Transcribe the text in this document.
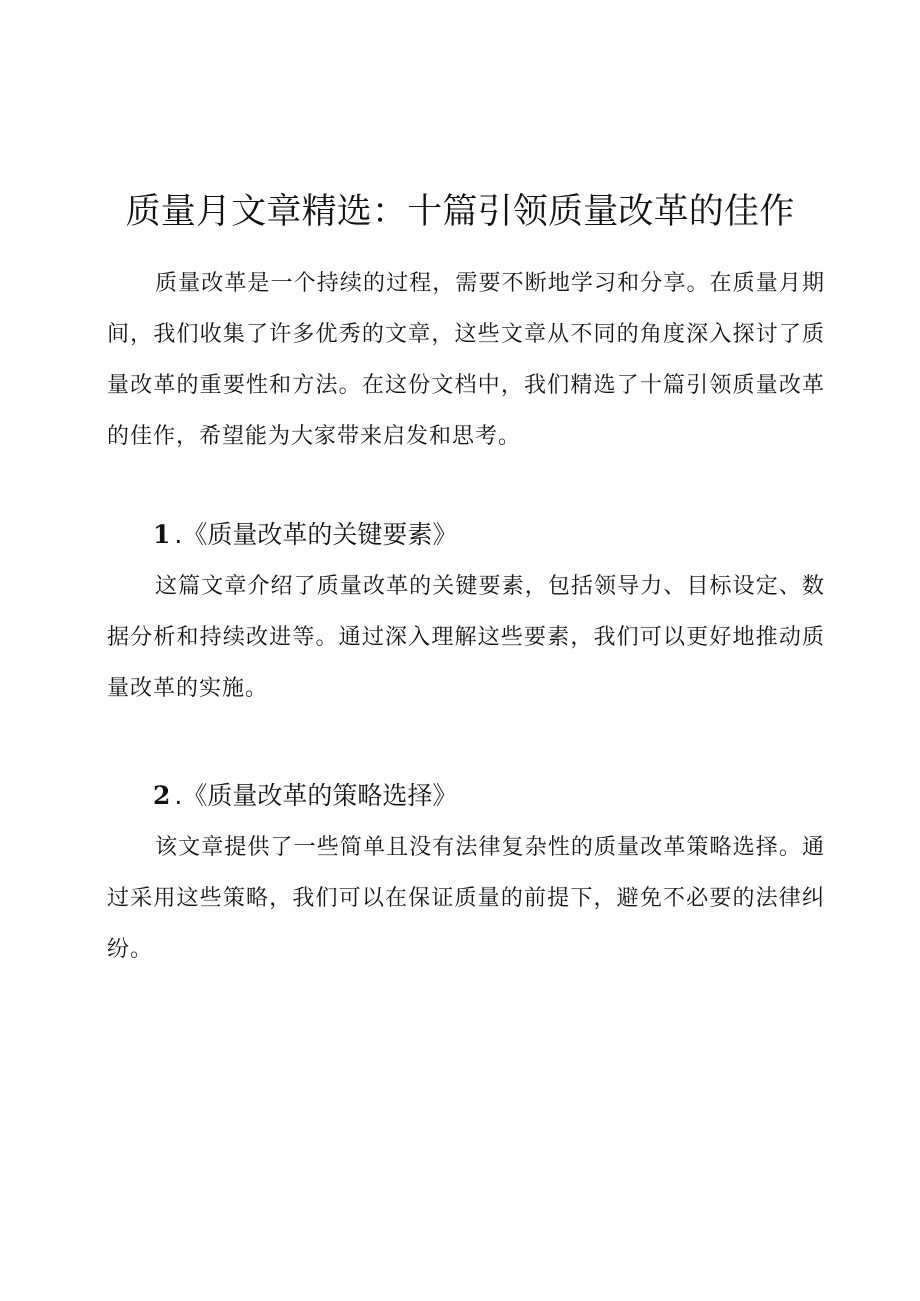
质量月文章精选：十篇引领质量改革的佳作

质量改革是一个持续的过程，需要不断地学习和分享。在质量月期间，我们收集了许多优秀的文章，这些文章从不同的角度深入探讨了质量改革的重要性和方法。在这份文档中，我们精选了十篇引领质量改革的佳作，希望能为大家带来启发和思考。

1 .《质量改革的关键要素》

这篇文章介绍了质量改革的关键要素，包括领导力、目标设定、数据分析和持续改进等。通过深入理解这些要素，我们可以更好地推动质量改革的实施。

2 .《质量改革的策略选择》

该文章提供了一些简单且没有法律复杂性的质量改革策略选择。通过采用这些策略，我们可以在保证质量的前提下，避免不必要的法律纠纷。
